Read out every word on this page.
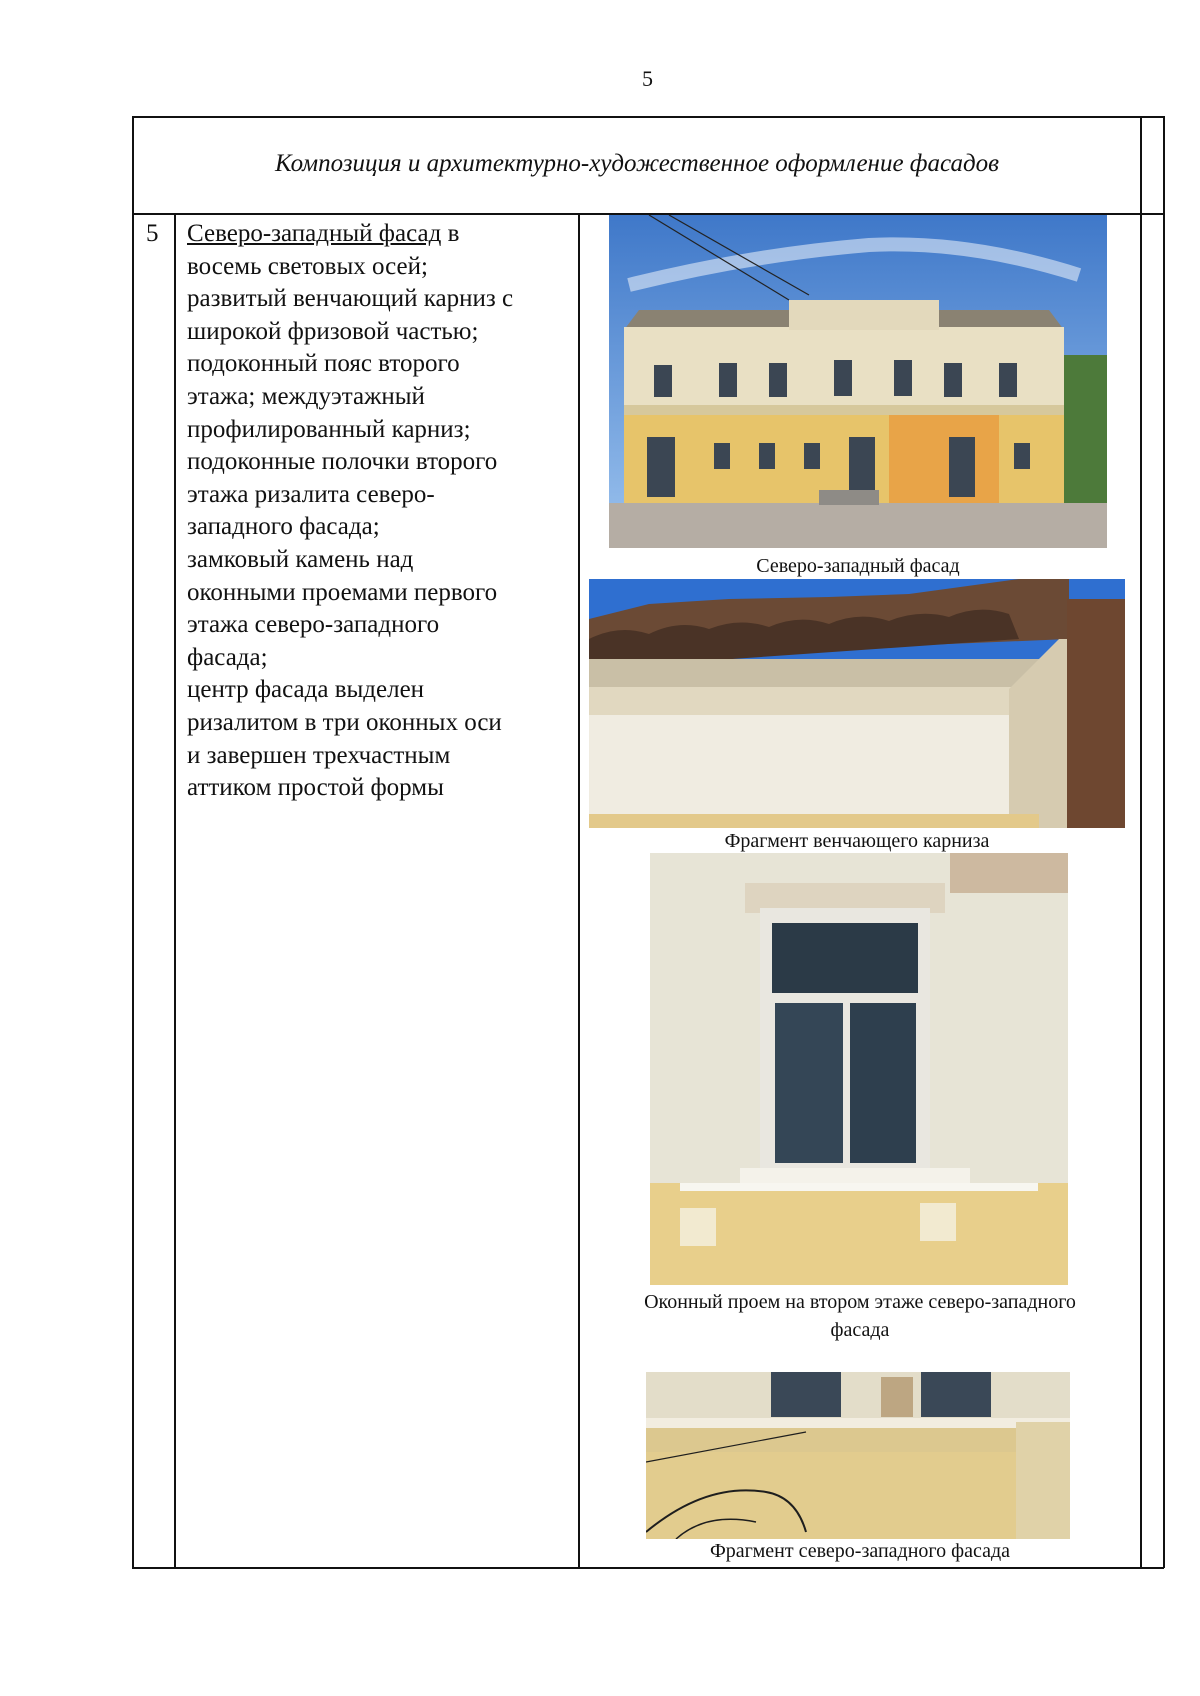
5
Композиция и архитектурно-художественное оформление фасадов
5 Северо-западный фасад в
восемь световых осей;
развитый венчающий карниз с
широкой фризовой частью;
подоконный пояс второго
этажа; междуэтажный
профилированный карниз;
подоконные полочки второго
этажа ризалита северо-
западного фасада;
замковый камень над
оконными проемами первого
этажа северо-западного
фасада;
центр фасада выделен
ризалитом в три оконных оси
и завершен трехчастным
аттиком простой формы
Северо-западный фасад
Фрагмент венчающего карниза
Оконный проем на втором этаже северо-западного
фасада
Фрагмент северо-западного фасада
